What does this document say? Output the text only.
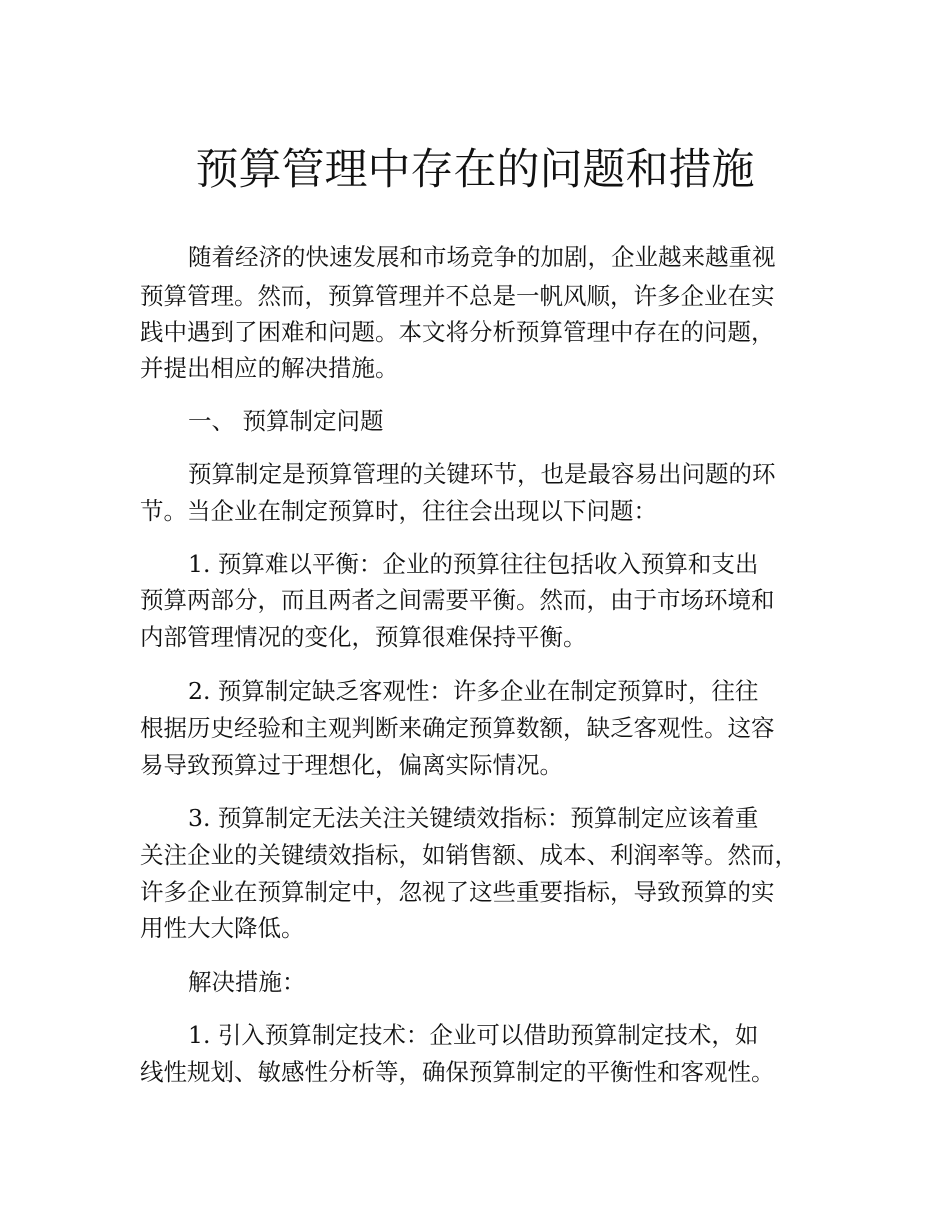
预算管理中存在的问题和措施
随着经济的快速发展和市场竞争的加剧，企业越来越重视
预算管理。然而，预算管理并不总是一帆风顺，许多企业在实
践中遇到了困难和问题。本文将分析预算管理中存在的问题，
并提出相应的解决措施。
一、 预算制定问题
预算制定是预算管理的关键环节，也是最容易出问题的环
节。当企业在制定预算时，往往会出现以下问题：
1. 预算难以平衡：企业的预算往往包括收入预算和支出
预算两部分，而且两者之间需要平衡。然而，由于市场环境和
内部管理情况的变化，预算很难保持平衡。
2. 预算制定缺乏客观性：许多企业在制定预算时，往往
根据历史经验和主观判断来确定预算数额，缺乏客观性。这容
易导致预算过于理想化，偏离实际情况。
3. 预算制定无法关注关键绩效指标：预算制定应该着重
关注企业的关键绩效指标，如销售额、成本、利润率等。然而，
许多企业在预算制定中，忽视了这些重要指标，导致预算的实
用性大大降低。
解决措施：
1. 引入预算制定技术：企业可以借助预算制定技术，如
线性规划、敏感性分析等，确保预算制定的平衡性和客观性。
